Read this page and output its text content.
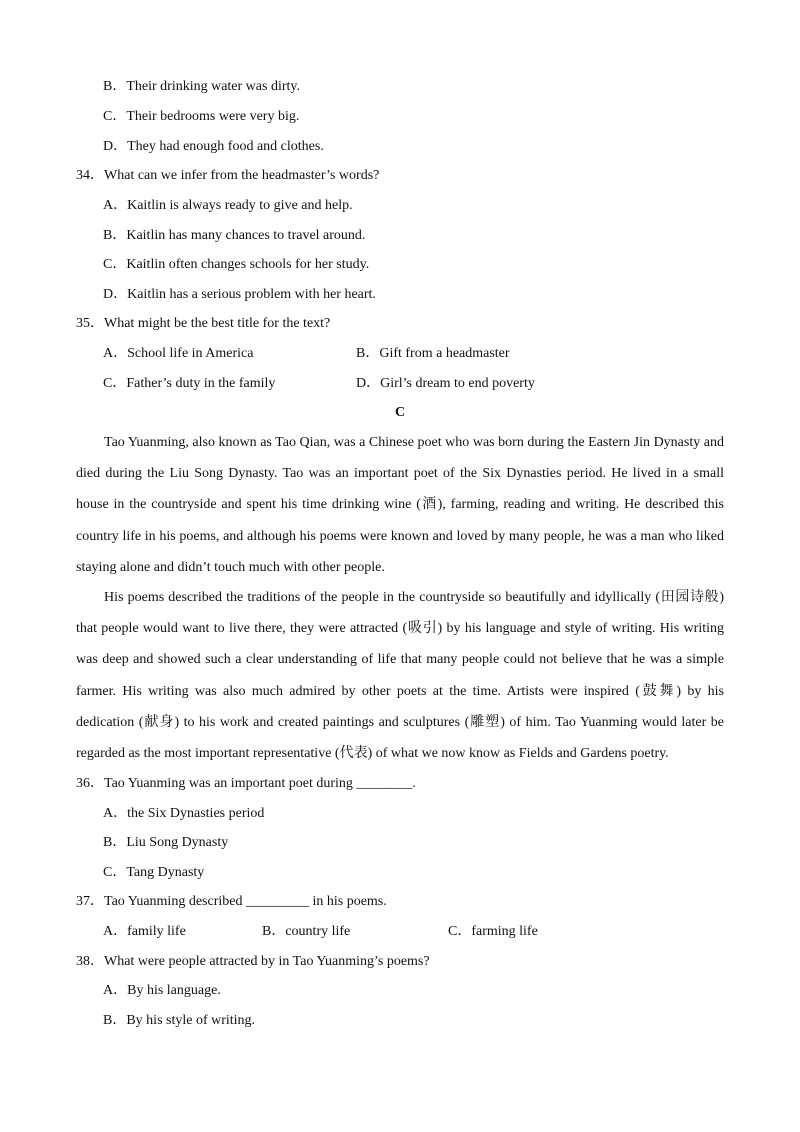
B．Their drinking water was dirty.
C．Their bedrooms were very big.
D．They had enough food and clothes.
34．What can we infer from the headmaster’s words?
A．Kaitlin is always ready to give and help.
B．Kaitlin has many chances to travel around.
C．Kaitlin often changes schools for her study.
D．Kaitlin has a serious problem with her heart.
35．What might be the best title for the text?
A．School life in America	B．Gift from a headmaster
C．Father’s duty in the family	D．Girl’s dream to end poverty
C
Tao Yuanming, also known as Tao Qian, was a Chinese poet who was born during the Eastern Jin Dynasty and died during the Liu Song Dynasty. Tao was an important poet of the Six Dynasties period. He lived in a small house in the countryside and spent his time drinking wine (酒), farming, reading and writing. He described this country life in his poems, and although his poems were known and loved by many people, he was a man who liked staying alone and didn’t touch much with other people.
His poems described the traditions of the people in the countryside so beautifully and idyllically (田园诗般) that people would want to live there, they were attracted (吸引) by his language and style of writing. His writing was deep and showed such a clear understanding of life that many people could not believe that he was a simple farmer. His writing was also much admired by other poets at the time. Artists were inspired (鼓舞) by his dedication (献身) to his work and created paintings and sculptures (雕塑) of him. Tao Yuanming would later be regarded as the most important representative (代表) of what we now know as Fields and Gardens poetry.
36．Tao Yuanming was an important poet during ________.
A．the Six Dynasties period
B．Liu Song Dynasty
C．Tang Dynasty
37．Tao Yuanming described _________ in his poems.
A．family life	B．country life	C．farming life
38．What were people attracted by in Tao Yuanming’s poems?
A．By his language.
B．By his style of writing.
